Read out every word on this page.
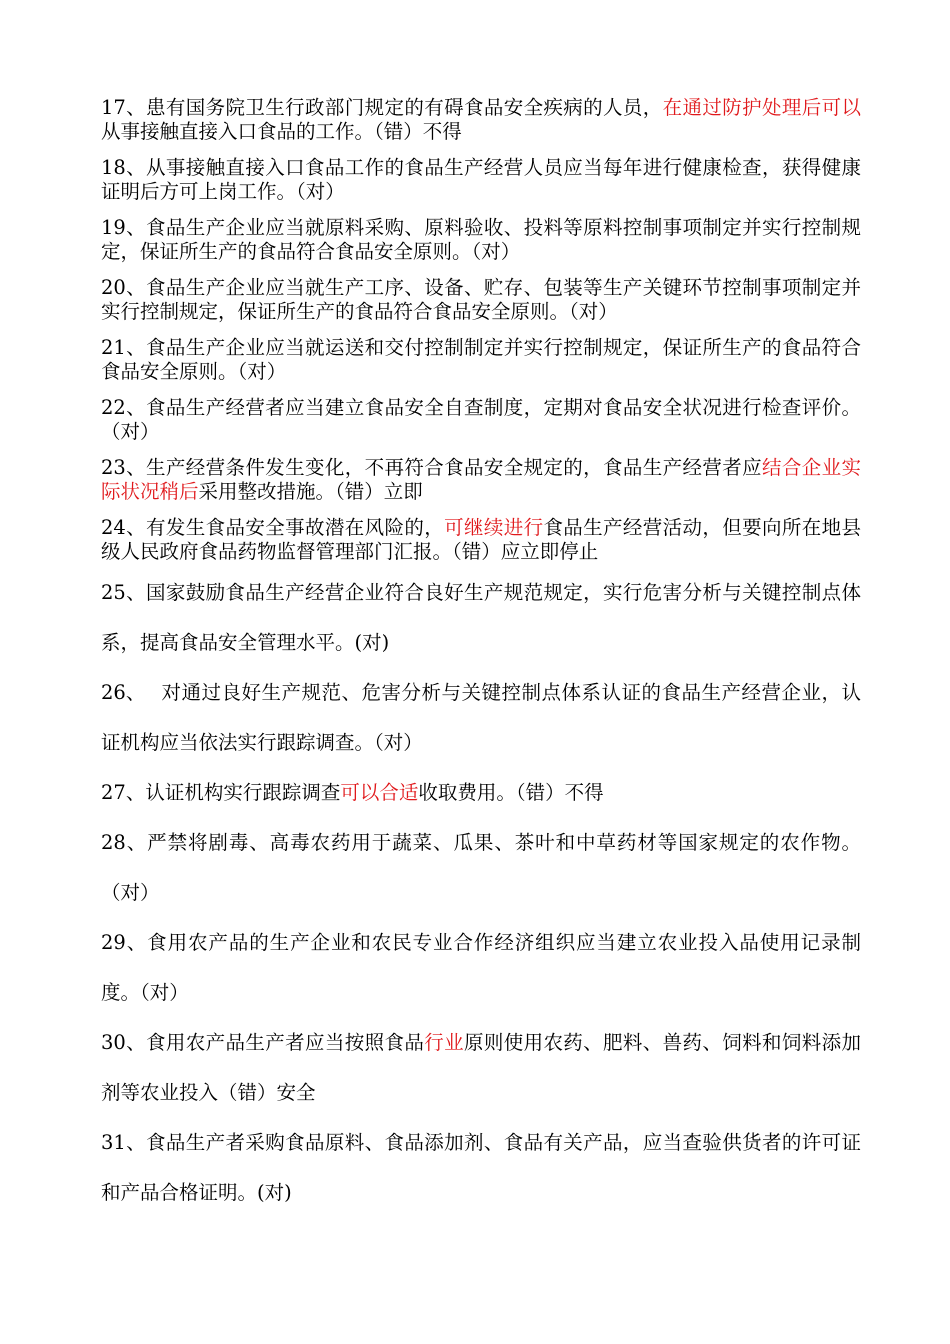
17、患有国务院卫生行政部门规定的有碍食品安全疾病的人员，在通过防护处理后可以从事接触直接入口食品的工作。（错）不得

18、从事接触直接入口食品工作的食品生产经营人员应当每年进行健康检查，获得健康证明后方可上岗工作。（对）

19、食品生产企业应当就原料采购、原料验收、投料等原料控制事项制定并实行控制规定，保证所生产的食品符合食品安全原则。（对）

20、食品生产企业应当就生产工序、设备、贮存、包装等生产关键环节控制事项制定并实行控制规定，保证所生产的食品符合食品安全原则。（对）

21、食品生产企业应当就运送和交付控制制定并实行控制规定，保证所生产的食品符合食品安全原则。（对）

22、食品生产经营者应当建立食品安全自查制度，定期对食品安全状况进行检查评价。（对）

23、生产经营条件发生变化，不再符合食品安全规定的，食品生产经营者应结合企业实际状况稍后采用整改措施。（错）立即

24、有发生食品安全事故潜在风险的，可继续进行食品生产经营活动，但要向所在地县级人民政府食品药物监督管理部门汇报。（错）应立即停止

25、国家鼓励食品生产经营企业符合良好生产规范规定，实行危害分析与关键控制点体系，提高食品安全管理水平。(对)

26、 对通过良好生产规范、危害分析与关键控制点体系认证的食品生产经营企业，认证机构应当依法实行跟踪调查。（对）

27、认证机构实行跟踪调查可以合适收取费用。（错）不得

28、严禁将剧毒、高毒农药用于蔬菜、瓜果、茶叶和中草药材等国家规定的农作物。（对）

29、食用农产品的生产企业和农民专业合作经济组织应当建立农业投入品使用记录制度。（对）

30、食用农产品生产者应当按照食品行业原则使用农药、肥料、兽药、饲料和饲料添加剂等农业投入（错）安全

31、食品生产者采购食品原料、食品添加剂、食品有关产品，应当查验供货者的许可证和产品合格证明。(对)
